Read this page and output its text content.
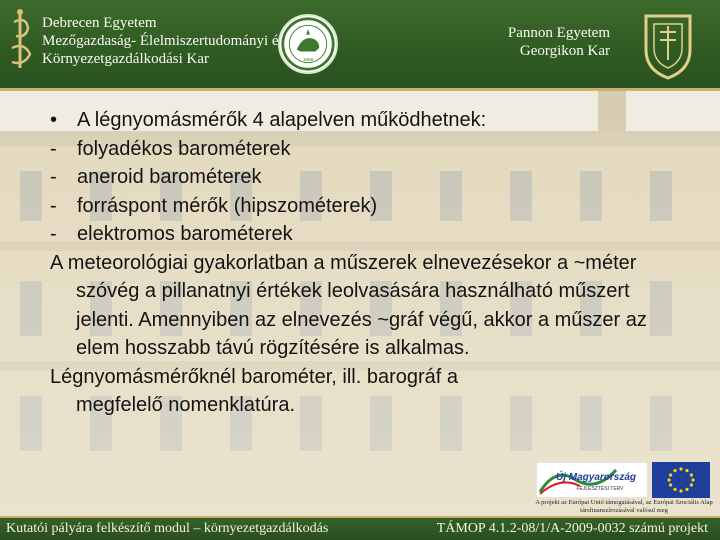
Debrecen Egyetem
Mezőgazdaság- Élelmiszertudományi és
Környezetgazdálkodási Kar	1868
Pannon Egyetem
Georgikon Kar
• A légnyomásmérők 4 alapelven működhetnek:
- folyadékos barométerek
- aneroid barométerek
- forráspont mérők (hipszométerek)
- elektromos barométerek
A meteorológiai gyakorlatban a műszerek elnevezésekor a ~méter szóvég a pillanatnyi értékek leolvasására használható műszert jelenti. Amennyiben az elnevezés ~gráf végű, akkor a műszer az elem hosszabb távú rögzítésére is alkalmas.
Légnyomásmérőknél barométer, ill. barográf a megfelelő nomenklatúra.
Új Magyarország
FEJLESZTÉSI TERV
A projekt az Európai Unió támogatásával, az Európai Szociális Alap társfinanszírozásával valósul meg
Kutatói pályára felkészítő modul – környezetgazdálkodás	TÁMOP 4.1.2-08/1/A-2009-0032 számú projekt
